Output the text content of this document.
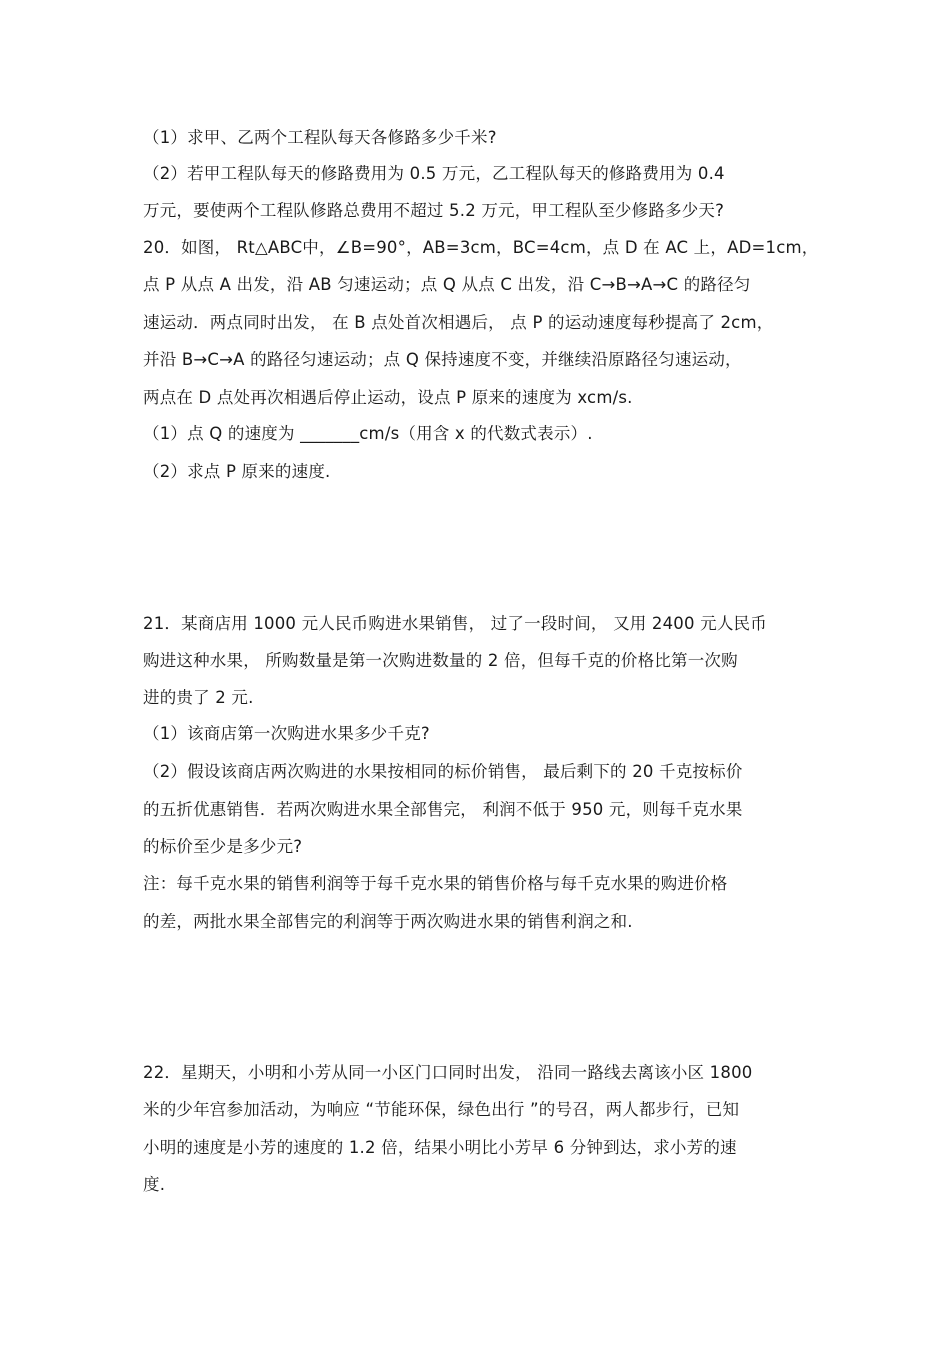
（1）求甲、乙两个工程队每天各修路多少千米?
（2）若甲工程队每天的修路费用为 0.5 万元，乙工程队每天的修路费用为 0.4
万元，要使两个工程队修路总费用不超过 5.2 万元，甲工程队至少修路多少天?
20．如图， Rt△ABC中，∠B=90°，AB=3cm，BC=4cm，点 D 在 AC 上，AD=1cm，
点 P 从点 A 出发，沿 AB 匀速运动；点 Q 从点 C 出发，沿 C→B→A→C 的路径匀
速运动．两点同时出发， 在 B 点处首次相遇后， 点 P 的运动速度每秒提高了 2cm，
并沿 B→C→A 的路径匀速运动；点 Q 保持速度不变，并继续沿原路径匀速运动，
两点在 D 点处再次相遇后停止运动，设点 P 原来的速度为 xcm/s.
（1）点 Q 的速度为 _______cm/s（用含 x 的代数式表示）.
（2）求点 P 原来的速度.
21．某商店用 1000 元人民币购进水果销售， 过了一段时间， 又用 2400 元人民币
购进这种水果， 所购数量是第一次购进数量的 2 倍，但每千克的价格比第一次购
进的贵了 2 元.
（1）该商店第一次购进水果多少千克?
（2）假设该商店两次购进的水果按相同的标价销售， 最后剩下的 20 千克按标价
的五折优惠销售．若两次购进水果全部售完， 利润不低于 950 元，则每千克水果
的标价至少是多少元?
注：每千克水果的销售利润等于每千克水果的销售价格与每千克水果的购进价格
的差，两批水果全部售完的利润等于两次购进水果的销售利润之和.
22．星期天，小明和小芳从同一小区门口同时出发， 沿同一路线去离该小区 1800
米的少年宫参加活动，为响应 “节能环保，绿色出行 ”的号召，两人都步行，已知
小明的速度是小芳的速度的 1.2 倍，结果小明比小芳早 6 分钟到达，求小芳的速
度.
